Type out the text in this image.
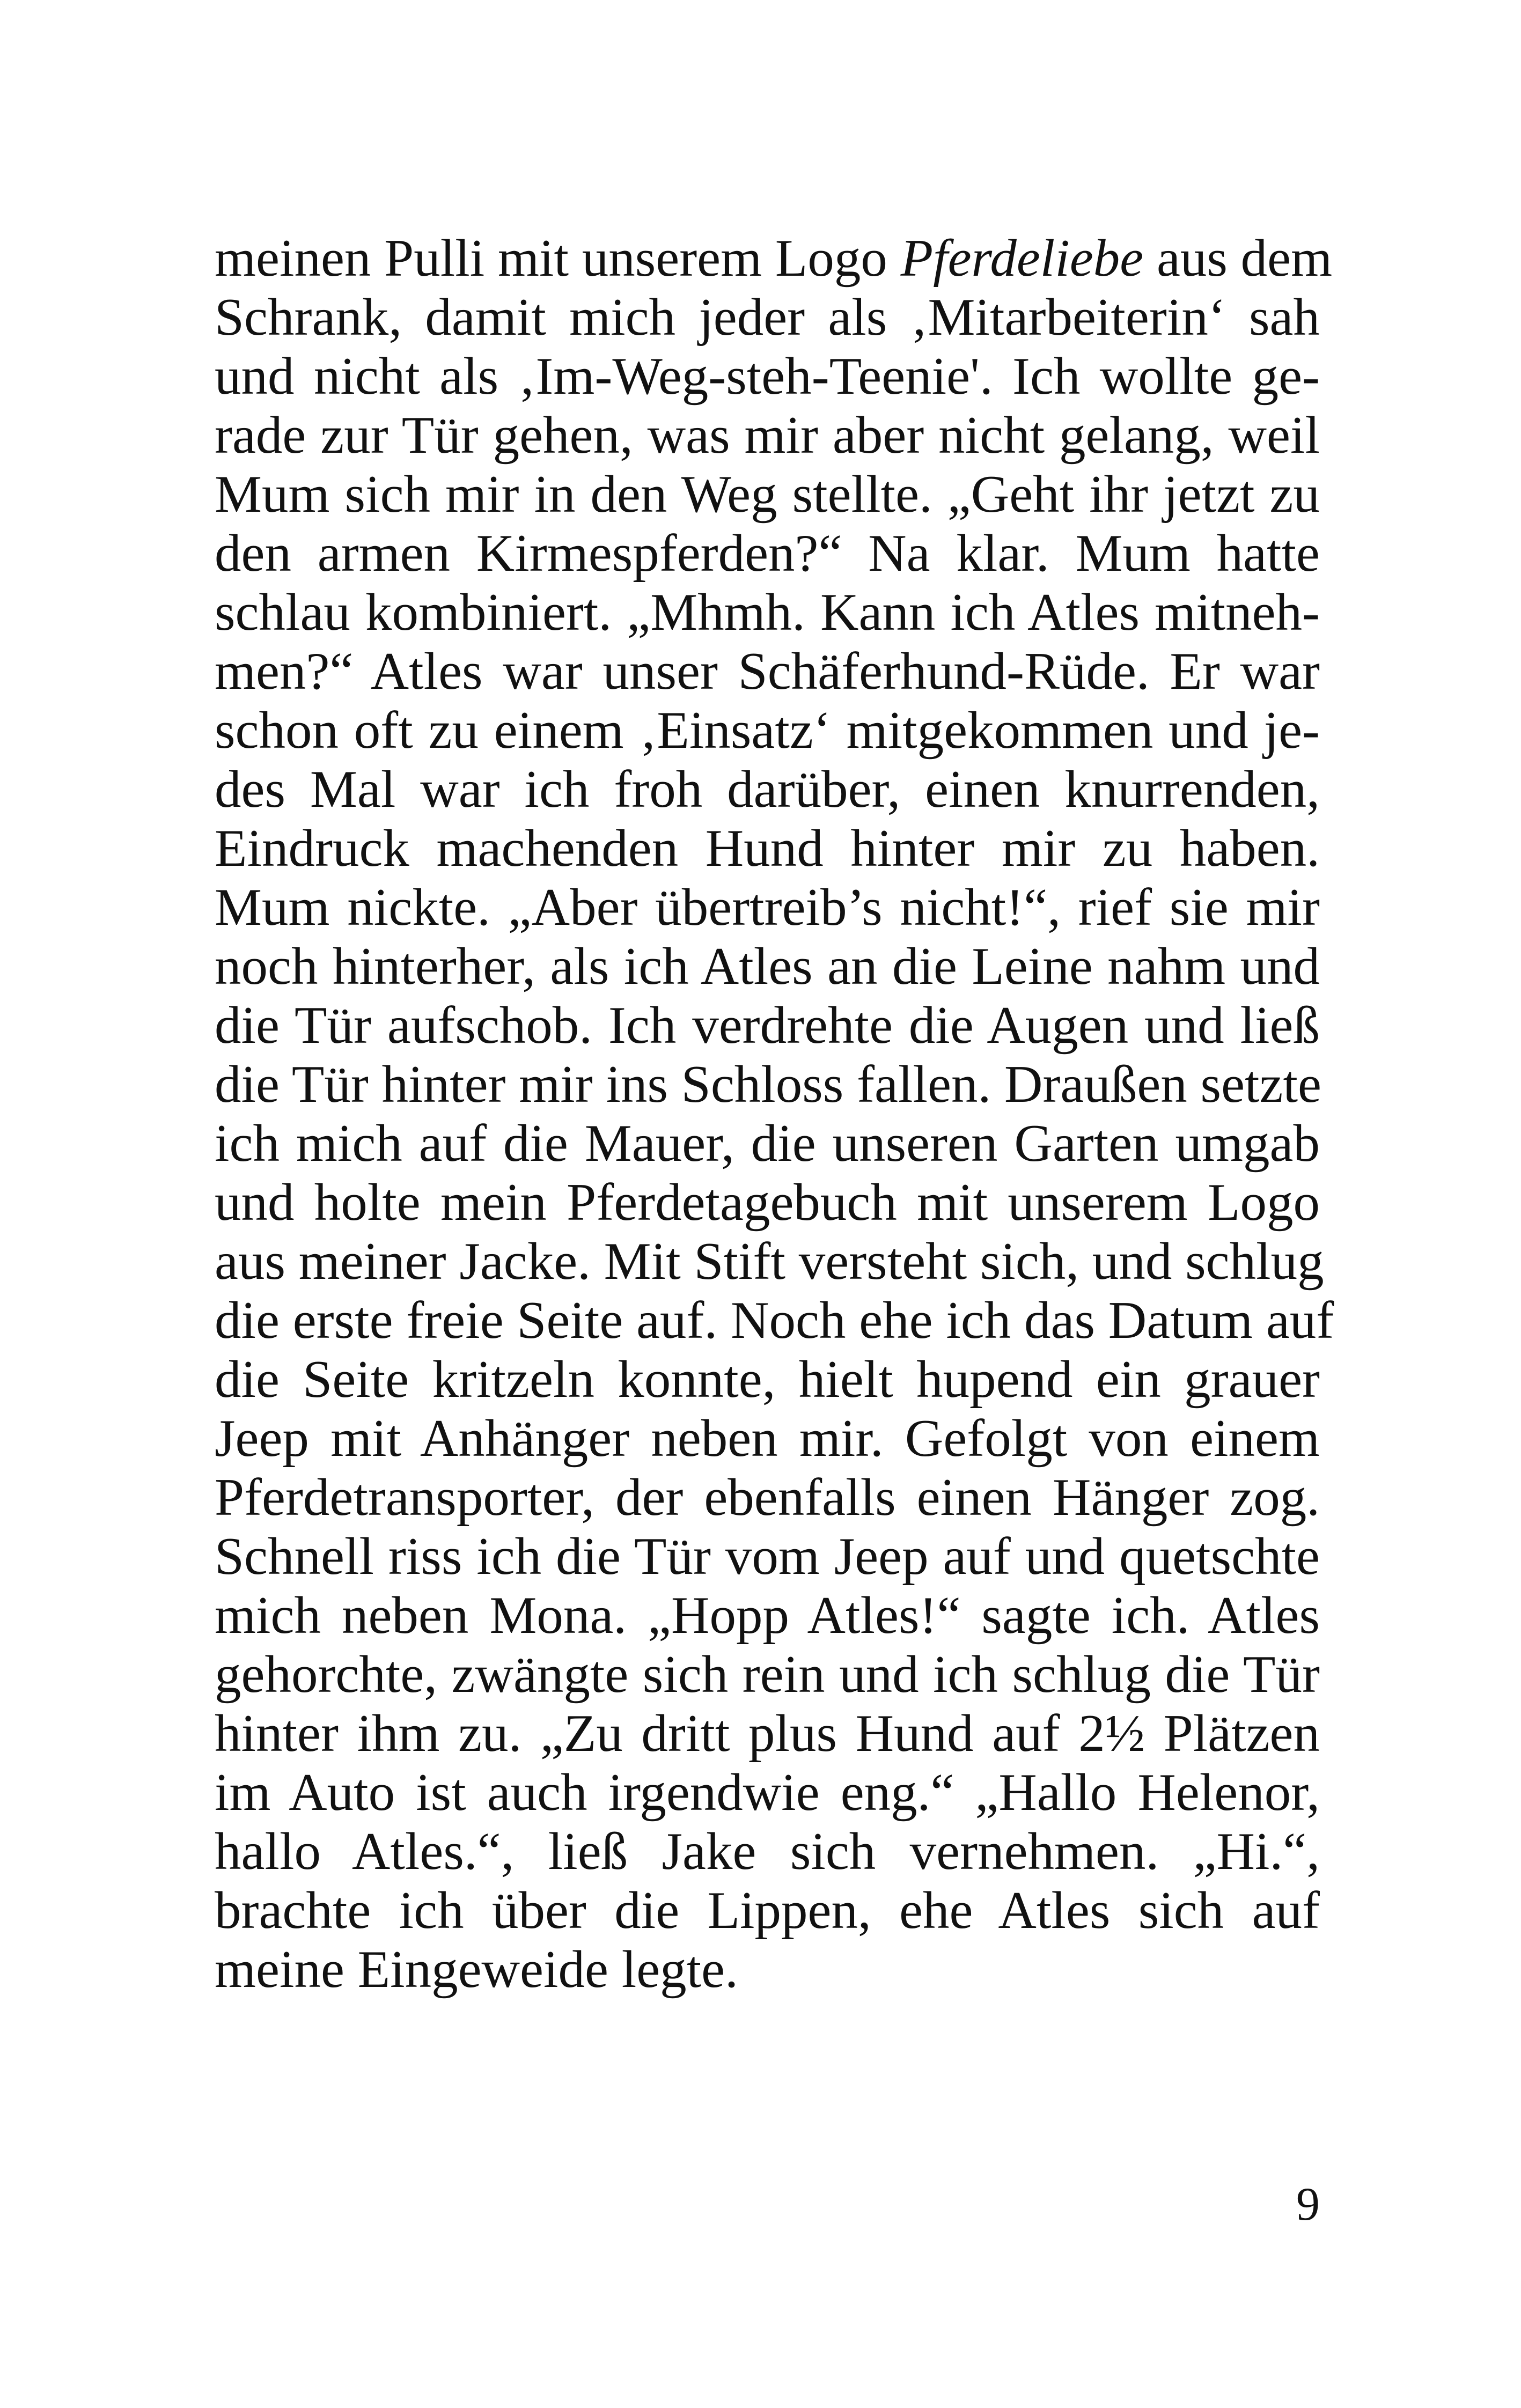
meinen Pulli mit unserem Logo Pferdeliebe aus dem
Schrank, damit mich jeder als ‚Mitarbeiterin‘ sah
und nicht als ‚Im-Weg-steh-Teenie'. Ich wollte ge-
rade zur Tür gehen, was mir aber nicht gelang, weil
Mum sich mir in den Weg stellte. „Geht ihr jetzt zu
den armen Kirmespferden?“ Na klar. Mum hatte
schlau kombiniert. „Mhmh. Kann ich Atles mitneh-
men?“ Atles war unser Schäferhund-Rüde. Er war
schon oft zu einem ‚Einsatz‘ mitgekommen und je-
des Mal war ich froh darüber, einen knurrenden,
Eindruck machenden Hund hinter mir zu haben.
Mum nickte. „Aber übertreib’s nicht!“, rief sie mir
noch hinterher, als ich Atles an die Leine nahm und
die Tür aufschob. Ich verdrehte die Augen und ließ
die Tür hinter mir ins Schloss fallen. Draußen setzte
ich mich auf die Mauer, die unseren Garten umgab
und holte mein Pferdetagebuch mit unserem Logo
aus meiner Jacke. Mit Stift versteht sich, und schlug
die erste freie Seite auf. Noch ehe ich das Datum auf
die Seite kritzeln konnte, hielt hupend ein grauer
Jeep mit Anhänger neben mir. Gefolgt von einem
Pferdetransporter, der ebenfalls einen Hänger zog.
Schnell riss ich die Tür vom Jeep auf und quetschte
mich neben Mona. „Hopp Atles!“ sagte ich. Atles
gehorchte, zwängte sich rein und ich schlug die Tür
hinter ihm zu. „Zu dritt plus Hund auf 2½ Plätzen
im Auto ist auch irgendwie eng.“ „Hallo Helenor,
hallo Atles.“, ließ Jake sich vernehmen. „Hi.“,
brachte ich über die Lippen, ehe Atles sich auf
meine Eingeweide legte.
9
